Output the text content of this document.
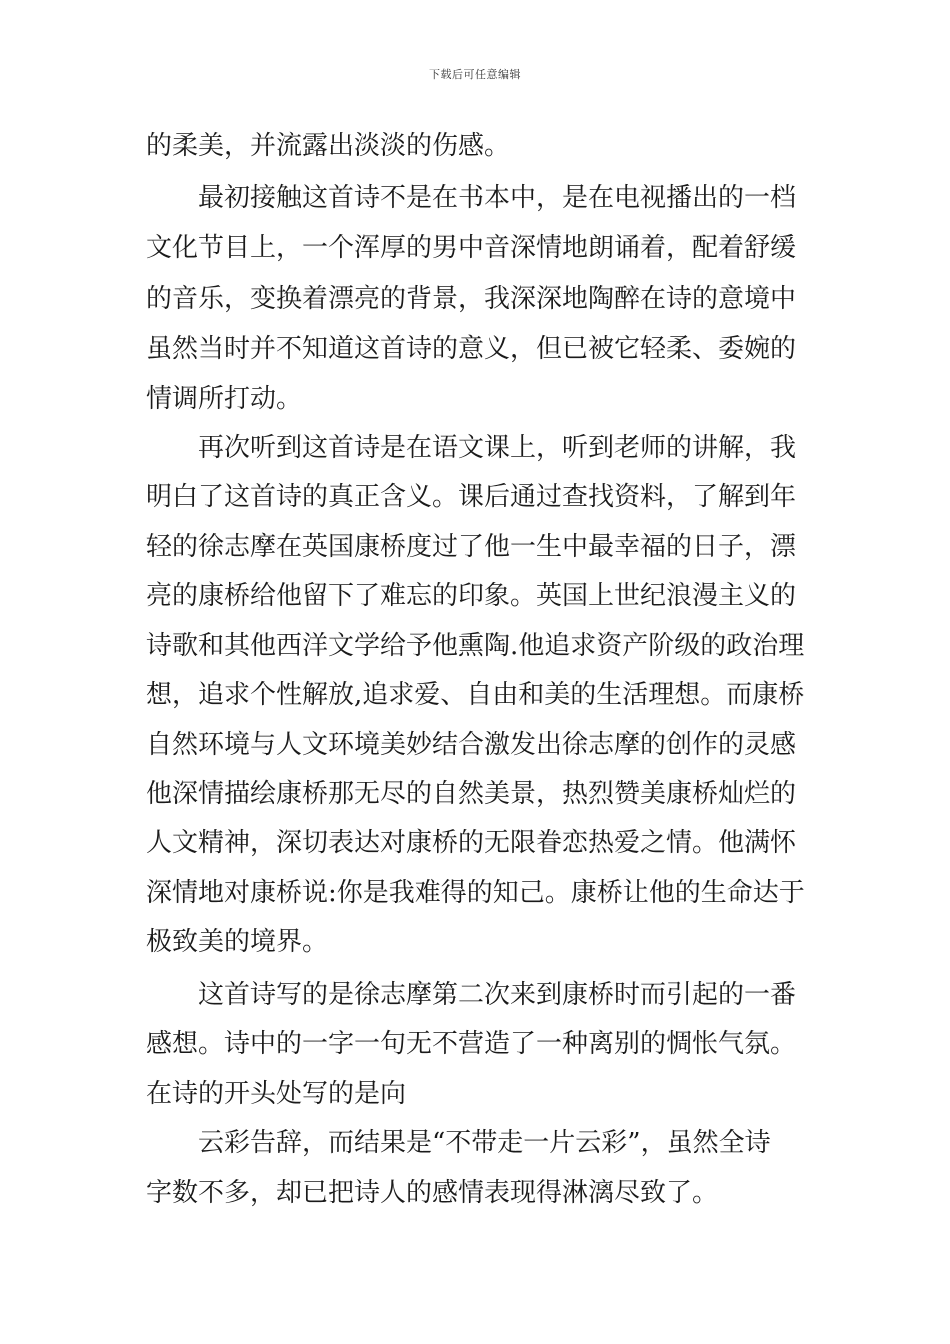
下载后可任意编辑
的柔美，并流露出淡淡的伤感。
最初接触这首诗不是在书本中，是在电视播出的一档
文化节目上，一个浑厚的男中音深情地朗诵着，配着舒缓
的音乐，变换着漂亮的背景，我深深地陶醉在诗的意境中
虽然当时并不知道这首诗的意义，但已被它轻柔、委婉的
情调所打动。
再次听到这首诗是在语文课上，听到老师的讲解，我
明白了这首诗的真正含义。课后通过查找资料，了解到年
轻的徐志摩在英国康桥度过了他一生中最幸福的日子，漂
亮的康桥给他留下了难忘的印象。英国上世纪浪漫主义的
诗歌和其他西洋文学给予他熏陶.他追求资产阶级的政治理
想，追求个性解放,追求爱、自由和美的生活理想。而康桥
自然环境与人文环境美妙结合激发出徐志摩的创作的灵感
他深情描绘康桥那无尽的自然美景，热烈赞美康桥灿烂的
人文精神，深切表达对康桥的无限眷恋热爱之情。他满怀
深情地对康桥说:你是我难得的知己。康桥让他的生命达于
极致美的境界。
这首诗写的是徐志摩第二次来到康桥时而引起的一番
感想。诗中的一字一句无不营造了一种离别的惆怅气氛。
在诗的开头处写的是向
云彩告辞，而结果是“不带走一片云彩”，虽然全诗
字数不多，却已把诗人的感情表现得淋漓尽致了。
